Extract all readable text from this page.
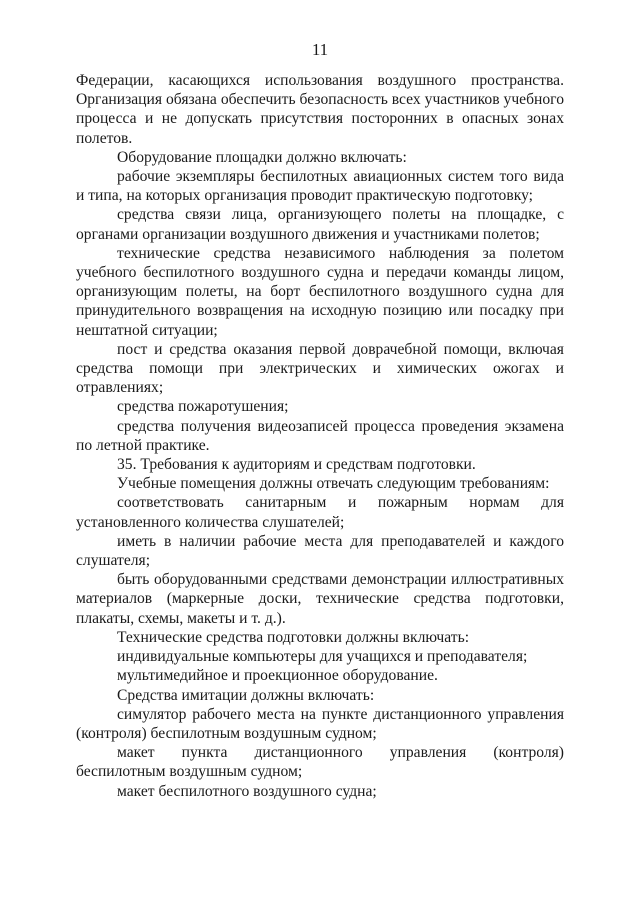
11

Федерации, касающихся использования воздушного пространства. Организация обязана обеспечить безопасность всех участников учебного процесса и не допускать присутствия посторонних в опасных зонах полетов.

Оборудование площадки должно включать:

рабочие экземпляры беспилотных авиационных систем того вида и типа, на которых организация проводит практическую подготовку;

средства связи лица, организующего полеты на площадке, с органами организации воздушного движения и участниками полетов;

технические средства независимого наблюдения за полетом учебного беспилотного воздушного судна и передачи команды лицом, организующим полеты, на борт беспилотного воздушного судна для принудительного возвращения на исходную позицию или посадку при нештатной ситуации;

пост и средства оказания первой доврачебной помощи, включая средства помощи при электрических и химических ожогах и отравлениях;

средства пожаротушения;

средства получения видеозаписей процесса проведения экзамена по летной практике.

35. Требования к аудиториям и средствам подготовки.

Учебные помещения должны отвечать следующим требованиям:

соответствовать санитарным и пожарным нормам для установленного количества слушателей;

иметь в наличии рабочие места для преподавателей и каждого слушателя;

быть оборудованными средствами демонстрации иллюстративных материалов (маркерные доски, технические средства подготовки, плакаты, схемы, макеты и т. д.).

Технические средства подготовки должны включать:

индивидуальные компьютеры для учащихся и преподавателя;

мультимедийное и проекционное оборудование.

Средства имитации должны включать:

симулятор рабочего места на пункте дистанционного управления (контроля) беспилотным воздушным судном;

макет пункта дистанционного управления (контроля) беспилотным воздушным судном;

макет беспилотного воздушного судна;
